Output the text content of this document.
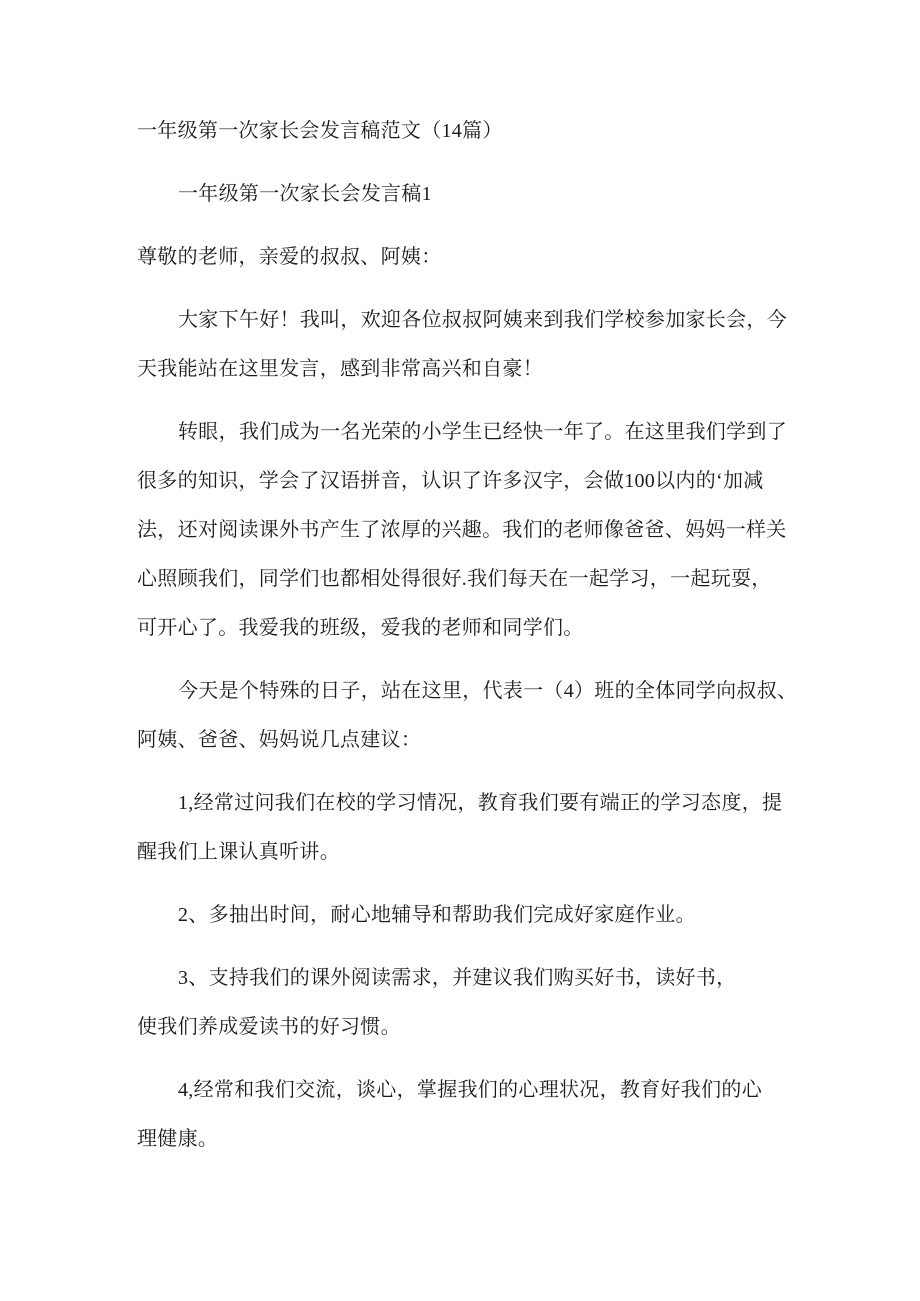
一年级第一次家长会发言稿范文（14篇）
一年级第一次家长会发言稿1
尊敬的老师，亲爱的叔叔、阿姨：
大家下午好！我叫，欢迎各位叔叔阿姨来到我们学校参加家长会，今
天我能站在这里发言，感到非常高兴和自豪！
转眼，我们成为一名光荣的小学生已经快一年了。在这里我们学到了
很多的知识，学会了汉语拼音，认识了许多汉字，会做100以内的‘加减
法，还对阅读课外书产生了浓厚的兴趣。我们的老师像爸爸、妈妈一样关
心照顾我们，同学们也都相处得很好.我们每天在一起学习，一起玩耍，
可开心了。我爱我的班级，爱我的老师和同学们。
今天是个特殊的日子，站在这里，代表一（4）班的全体同学向叔叔、
阿姨、爸爸、妈妈说几点建议：
1,经常过问我们在校的学习情况，教育我们要有端正的学习态度，提
醒我们上课认真听讲。
2、多抽出时间，耐心地辅导和帮助我们完成好家庭作业。
3、支持我们的课外阅读需求，并建议我们购买好书，读好书，
使我们养成爱读书的好习惯。
4,经常和我们交流，谈心，掌握我们的心理状况，教育好我们的心
理健康。
